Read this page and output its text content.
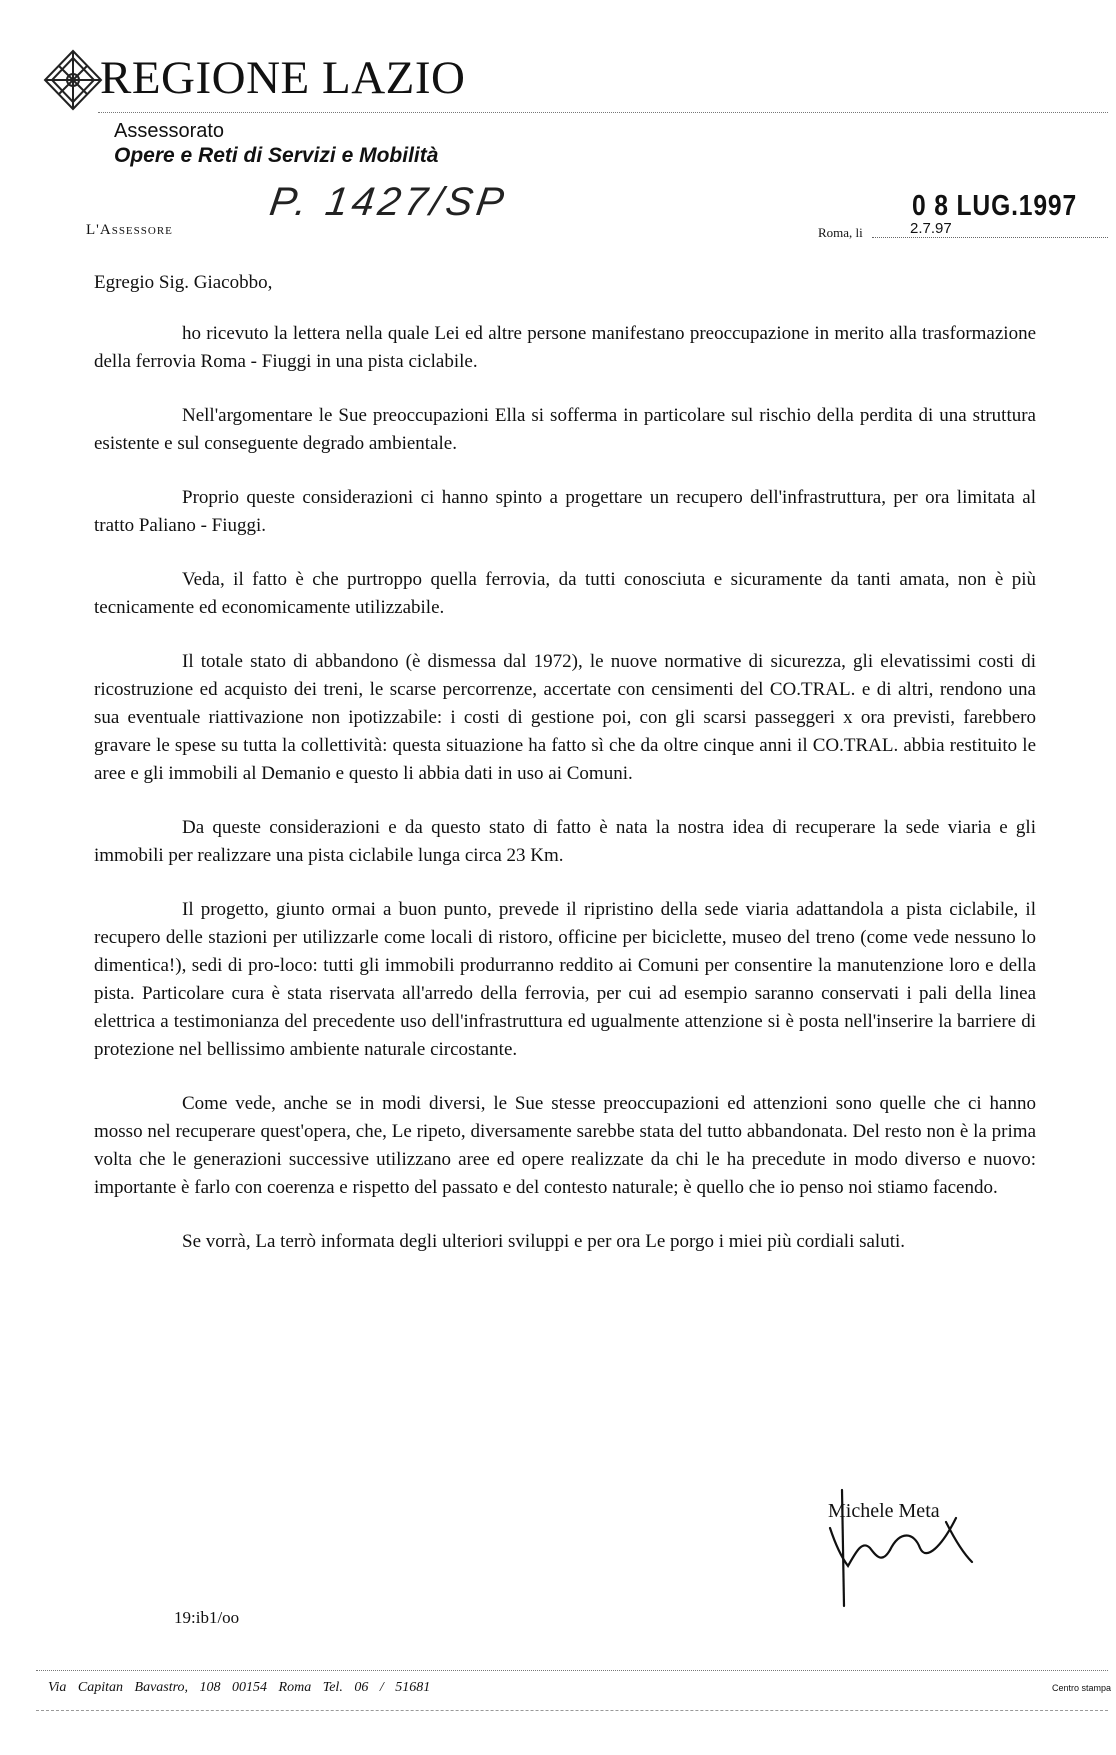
REGIONE LAZIO
Assessorato
Opere e Reti di Servizi e Mobilità
L'Assessore
P. 1427/SP	0 8 LUG.1997
Roma, li	2.7.97
Egregio Sig. Giacobbo,

ho ricevuto la lettera nella quale Lei ed altre persone manifestano preoccupazione in merito alla trasformazione della ferrovia Roma - Fiuggi in una pista ciclabile.

Nell'argomentare le Sue preoccupazioni Ella si sofferma in particolare sul rischio della perdita di una struttura esistente e sul conseguente degrado ambientale.

Proprio queste considerazioni ci hanno spinto a progettare un recupero dell'infrastruttura, per ora limitata al tratto Paliano - Fiuggi.

Veda, il fatto è che purtroppo quella ferrovia, da tutti conosciuta e sicuramente da tanti amata, non è più tecnicamente ed economicamente utilizzabile.

Il totale stato di abbandono (è dismessa dal 1972), le nuove normative di sicurezza, gli elevatissimi costi di ricostruzione ed acquisto dei treni, le scarse percorrenze, accertate con censimenti del CO.TRAL. e di altri, rendono una sua eventuale riattivazione non ipotizzabile: i costi di gestione poi, con gli scarsi passeggeri x ora previsti, farebbero gravare le spese su tutta la collettività: questa situazione ha fatto sì che da oltre cinque anni il CO.TRAL. abbia restituito le aree e gli immobili al Demanio e questo li abbia dati in uso ai Comuni.

Da queste considerazioni e da questo stato di fatto è nata la nostra idea di recuperare la sede viaria e gli immobili per realizzare una pista ciclabile lunga circa 23 Km.

Il progetto, giunto ormai a buon punto, prevede il ripristino della sede viaria adattandola a pista ciclabile, il recupero delle stazioni per utilizzarle come locali di ristoro, officine per biciclette, museo del treno (come vede nessuno lo dimentica!), sedi di pro-loco: tutti gli immobili produrranno reddito ai Comuni per consentire la manutenzione loro e della pista. Particolare cura è stata riservata all'arredo della ferrovia, per cui ad esempio saranno conservati i pali della linea elettrica a testimonianza del precedente uso dell'infrastruttura ed ugualmente attenzione si è posta nell'inserire la barriere di protezione nel bellissimo ambiente naturale circostante.

Come vede, anche se in modi diversi, le Sue stesse preoccupazioni ed attenzioni sono quelle che ci hanno mosso nel recuperare quest'opera, che, Le ripeto, diversamente sarebbe stata del tutto abbandonata. Del resto non è la prima volta che le generazioni successive utilizzano aree ed opere realizzate da chi le ha precedute in modo diverso e nuovo: importante è farlo con coerenza e rispetto del passato e del contesto naturale; è quello che io penso noi stiamo facendo.

Se vorrà, La terrò informata degli ulteriori sviluppi e per ora Le porgo i miei più cordiali saluti.

Michele Meta
19:ib1/oo
Via Capitan Bavastro, 108 00154 Roma Tel. 06 / 51681	Centro stampa
